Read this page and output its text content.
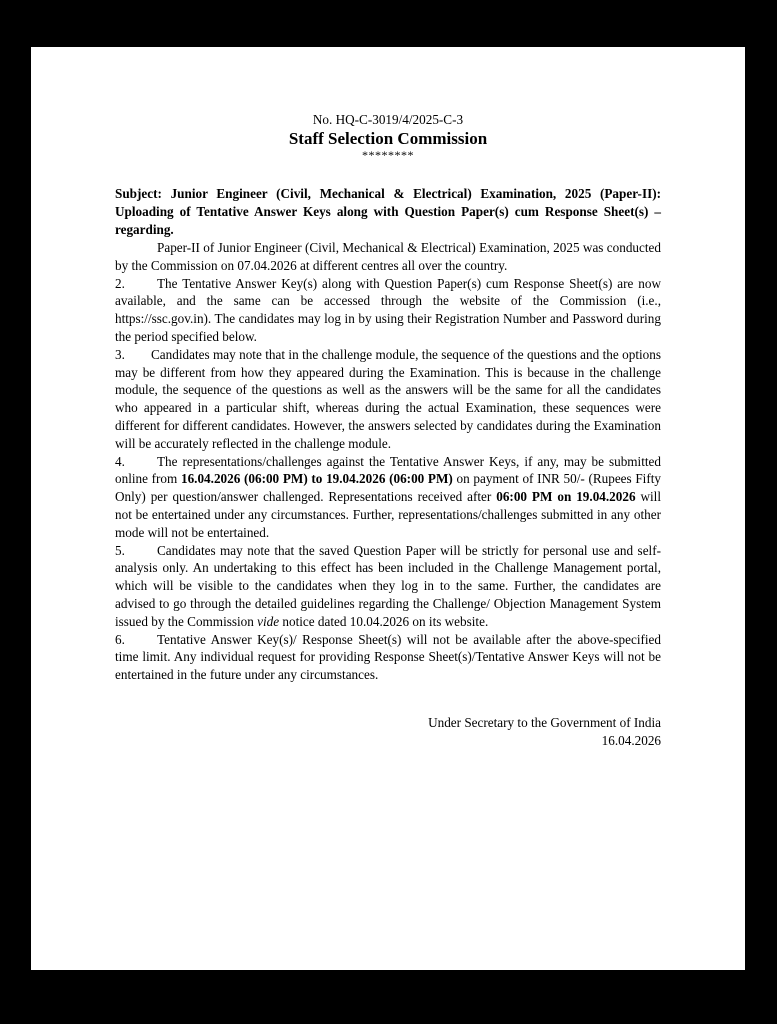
No. HQ-C-3019/4/2025-C-3
Staff Selection Commission
********
Subject: Junior Engineer (Civil, Mechanical & Electrical) Examination, 2025 (Paper-II): Uploading of Tentative Answer Keys along with Question Paper(s) cum Response Sheet(s) – regarding.

Paper-II of Junior Engineer (Civil, Mechanical & Electrical) Examination, 2025 was conducted by the Commission on 07.04.2026 at different centres all over the country.

2. The Tentative Answer Key(s) along with Question Paper(s) cum Response Sheet(s) are now available, and the same can be accessed through the website of the Commission (i.e., https://ssc.gov.in). The candidates may log in by using their Registration Number and Password during the period specified below.

3. Candidates may note that in the challenge module, the sequence of the questions and the options may be different from how they appeared during the Examination. This is because in the challenge module, the sequence of the questions as well as the answers will be the same for all the candidates who appeared in a particular shift, whereas during the actual Examination, these sequences were different for different candidates. However, the answers selected by candidates during the Examination will be accurately reflected in the challenge module.

4. The representations/challenges against the Tentative Answer Keys, if any, may be submitted online from 16.04.2026 (06:00 PM) to 19.04.2026 (06:00 PM) on payment of INR 50/- (Rupees Fifty Only) per question/answer challenged. Representations received after 06:00 PM on 19.04.2026 will not be entertained under any circumstances. Further, representations/challenges submitted in any other mode will not be entertained.

5. Candidates may note that the saved Question Paper will be strictly for personal use and self-analysis only. An undertaking to this effect has been included in the Challenge Management portal, which will be visible to the candidates when they log in to the same. Further, the candidates are advised to go through the detailed guidelines regarding the Challenge/ Objection Management System issued by the Commission vide notice dated 10.04.2026 on its website.

6. Tentative Answer Key(s)/ Response Sheet(s) will not be available after the above-specified time limit. Any individual request for providing Response Sheet(s)/Tentative Answer Keys will not be entertained in the future under any circumstances.

Under Secretary to the Government of India
16.04.2026
